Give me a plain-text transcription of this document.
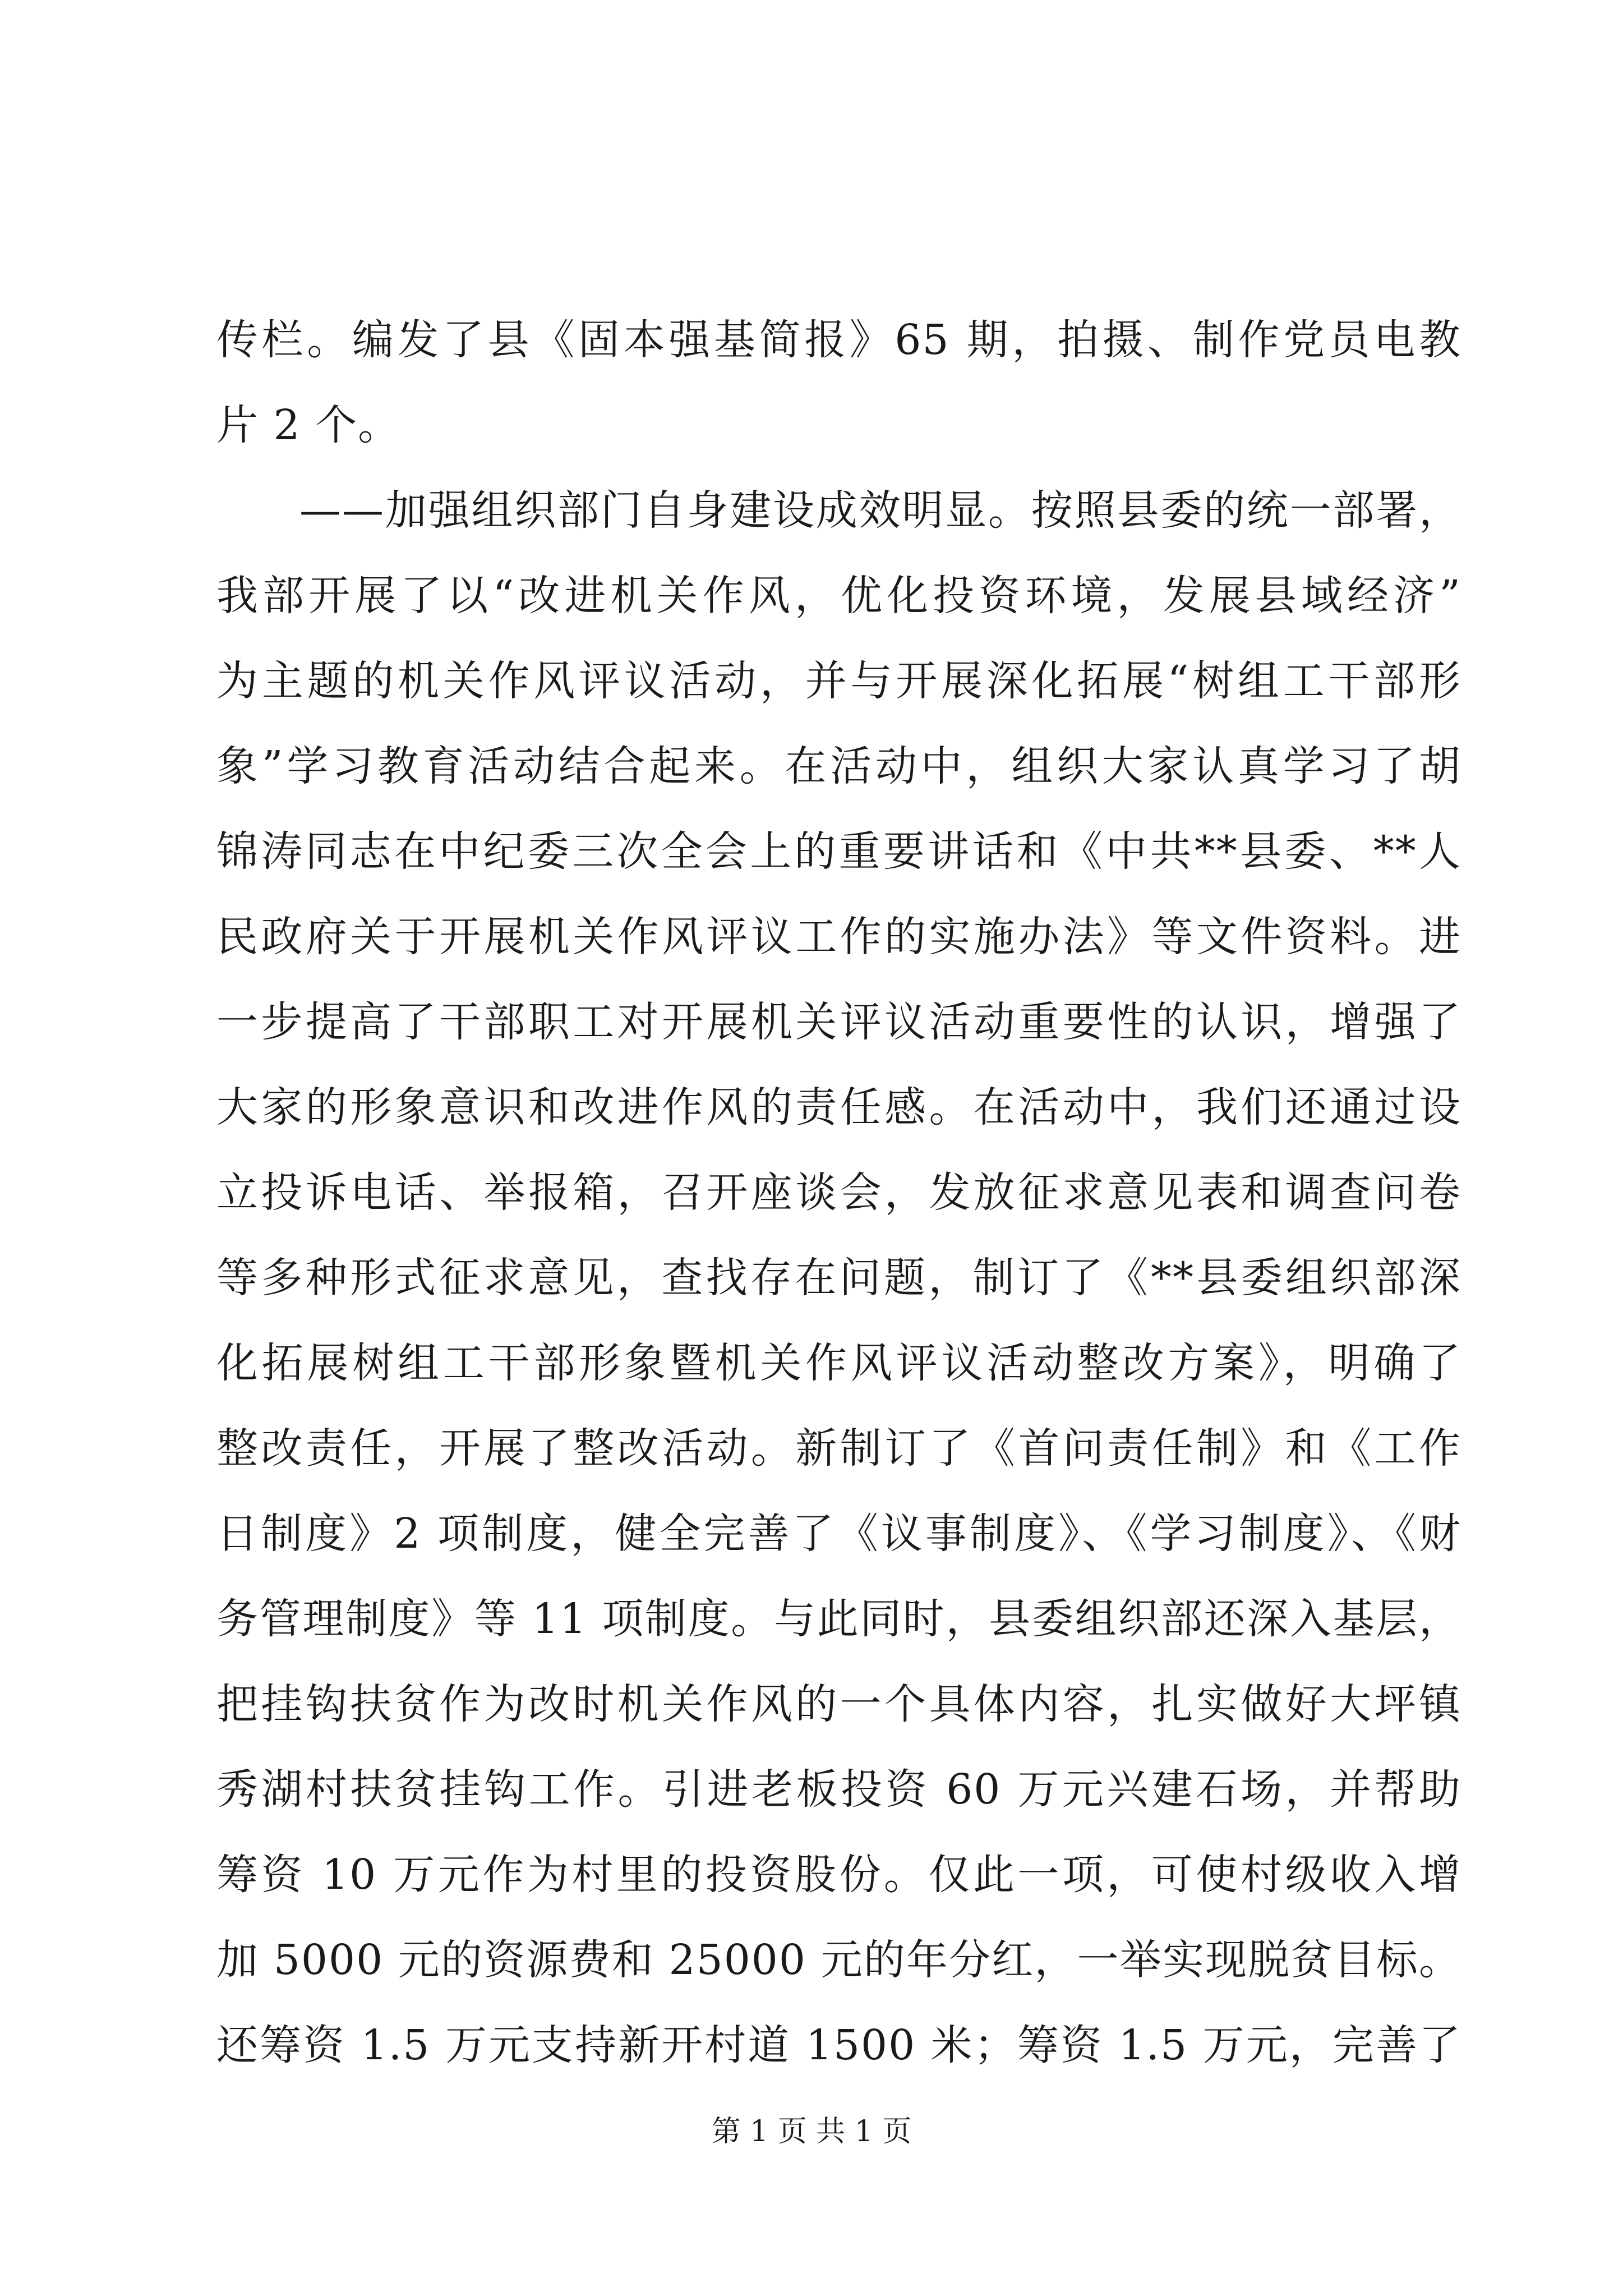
传栏。编发了县《固本强基简报》65 期，拍摄、制作党员电教
片 2 个。
——加强组织部门自身建设成效明显。按照县委的统一部署，
我部开展了以“改进机关作风，优化投资环境，发展县域经济”
为主题的机关作风评议活动，并与开展深化拓展“树组工干部形
象”学习教育活动结合起来。在活动中，组织大家认真学习了胡
锦涛同志在中纪委三次全会上的重要讲话和《中共**县委、**人
民政府关于开展机关作风评议工作的实施办法》等文件资料。进
一步提高了干部职工对开展机关评议活动重要性的认识，增强了
大家的形象意识和改进作风的责任感。在活动中，我们还通过设
立投诉电话、举报箱，召开座谈会，发放征求意见表和调查问卷
等多种形式征求意见，查找存在问题，制订了《**县委组织部深
化拓展树组工干部形象暨机关作风评议活动整改方案》，明确了
整改责任，开展了整改活动。新制订了《首问责任制》和《工作
日制度》2 项制度，健全完善了《议事制度》、《学习制度》、《财
务管理制度》等 11 项制度。与此同时，县委组织部还深入基层，
把挂钩扶贫作为改时机关作风的一个具体内容，扎实做好大坪镇
秀湖村扶贫挂钩工作。引进老板投资 60 万元兴建石场，并帮助
筹资 10 万元作为村里的投资股份。仅此一项，可使村级收入增
加 5000 元的资源费和 25000 元的年分红，一举实现脱贫目标。
还筹资 1.5 万元支持新开村道 1500 米；筹资 1.5 万元，完善了
第 1 页 共 1 页
